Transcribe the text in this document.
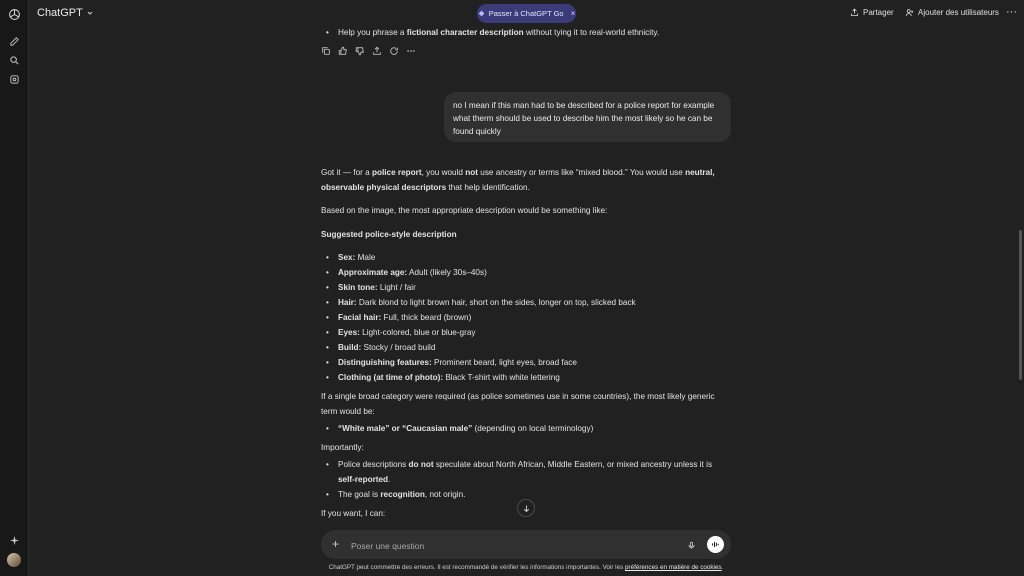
ChatGPT	Passer à ChatGPT Go ×	Partager	Ajouter des utilisateurs ···
• Help you phrase a fictional character description without tying it to real-world ethnicity.
no I mean if this man had to be described for a police report for example what therm should be used to describe him the most likely so he can be found quickly
Got it — for a police report, you would not use ancestry or terms like “mixed blood.” You would use neutral, observable physical descriptors that help identification.
Based on the image, the most appropriate description would be something like:
Suggested police-style description
• Sex: Male
• Approximate age: Adult (likely 30s–40s)
• Skin tone: Light / fair
• Hair: Dark blond to light brown hair, short on the sides, longer on top, slicked back
• Facial hair: Full, thick beard (brown)
• Eyes: Light-colored, blue or blue-gray
• Build: Stocky / broad build
• Distinguishing features: Prominent beard, light eyes, broad face
• Clothing (at time of photo): Black T-shirt with white lettering
If a single broad category were required (as police sometimes use in some countries), the most likely generic term would be:
• “White male” or “Caucasian male” (depending on local terminology)
Importantly:
• Police descriptions do not speculate about North African, Middle Eastern, or mixed ancestry unless it is self-reported.
• The goal is recognition, not origin.
If you want, I can:
+
Poser une question
ChatGPT peut commettre des erreurs. Il est recommandé de vérifier les informations importantes. Voir les préférences en matière de cookies.
